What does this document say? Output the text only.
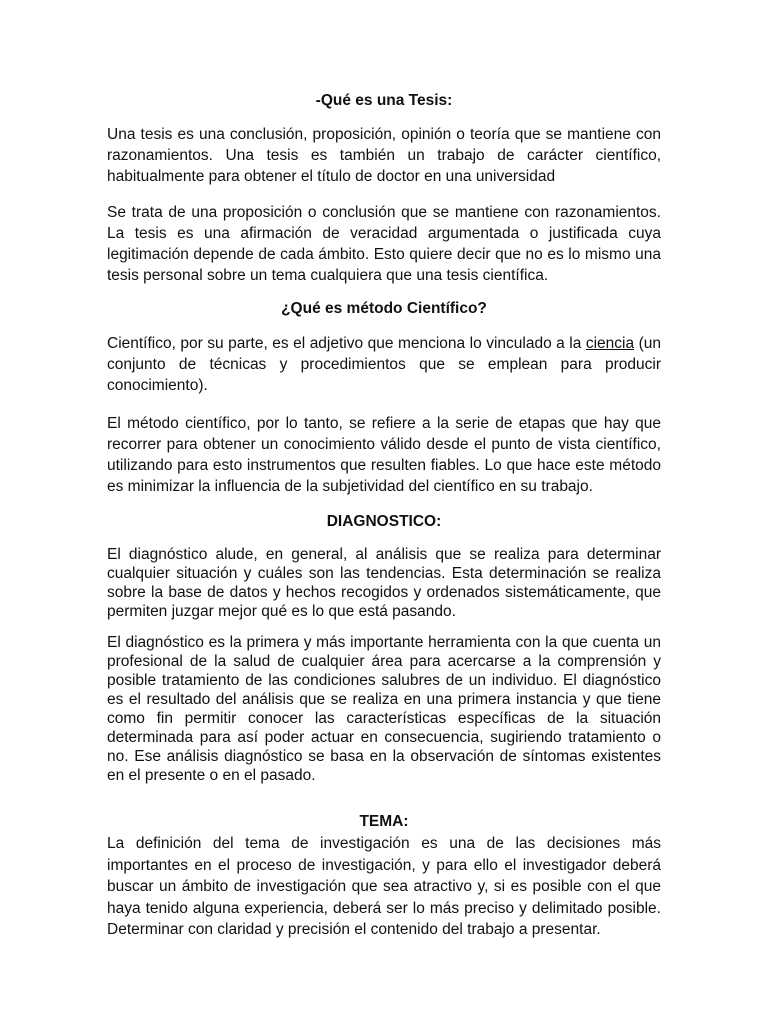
-Qué es una Tesis:

Una tesis es una conclusión, proposición, opinión o teoría que se mantiene con razonamientos. Una tesis es también un trabajo de carácter científico, habitualmente para obtener el título de doctor en una universidad

Se trata de una proposición o conclusión que se mantiene con razonamientos. La tesis es una afirmación de veracidad argumentada o justificada cuya legitimación depende de cada ámbito. Esto quiere decir que no es lo mismo una tesis personal sobre un tema cualquiera que una tesis científica.

¿Qué es método Científico?

Científico, por su parte, es el adjetivo que menciona lo vinculado a la ciencia (un conjunto de técnicas y procedimientos que se emplean para producir conocimiento).

El método científico, por lo tanto, se refiere a la serie de etapas que hay que recorrer para obtener un conocimiento válido desde el punto de vista científico, utilizando para esto instrumentos que resulten fiables. Lo que hace este método es minimizar la influencia de la subjetividad del científico en su trabajo.

DIAGNOSTICO:

El diagnóstico alude, en general, al análisis que se realiza para determinar cualquier situación y cuáles son las tendencias. Esta determinación se realiza sobre la base de datos y hechos recogidos y ordenados sistemáticamente, que permiten juzgar mejor qué es lo que está pasando.

El diagnóstico es la primera y más importante herramienta con la que cuenta un profesional de la salud de cualquier área para acercarse a la comprensión y posible tratamiento de las condiciones salubres de un individuo. El diagnóstico es el resultado del análisis que se realiza en una primera instancia y que tiene como fin permitir conocer las características específicas de la situación determinada para así poder actuar en consecuencia, sugiriendo tratamiento o no. Ese análisis diagnóstico se basa en la observación de síntomas existentes en el presente o en el pasado.

TEMA:

La definición del tema de investigación es una de las decisiones más importantes en el proceso de investigación, y para ello el investigador deberá buscar un ámbito de investigación que sea atractivo y, si es posible con el que haya tenido alguna experiencia, deberá ser lo más preciso y delimitado posible. Determinar con claridad y precisión el contenido del trabajo a presentar.
